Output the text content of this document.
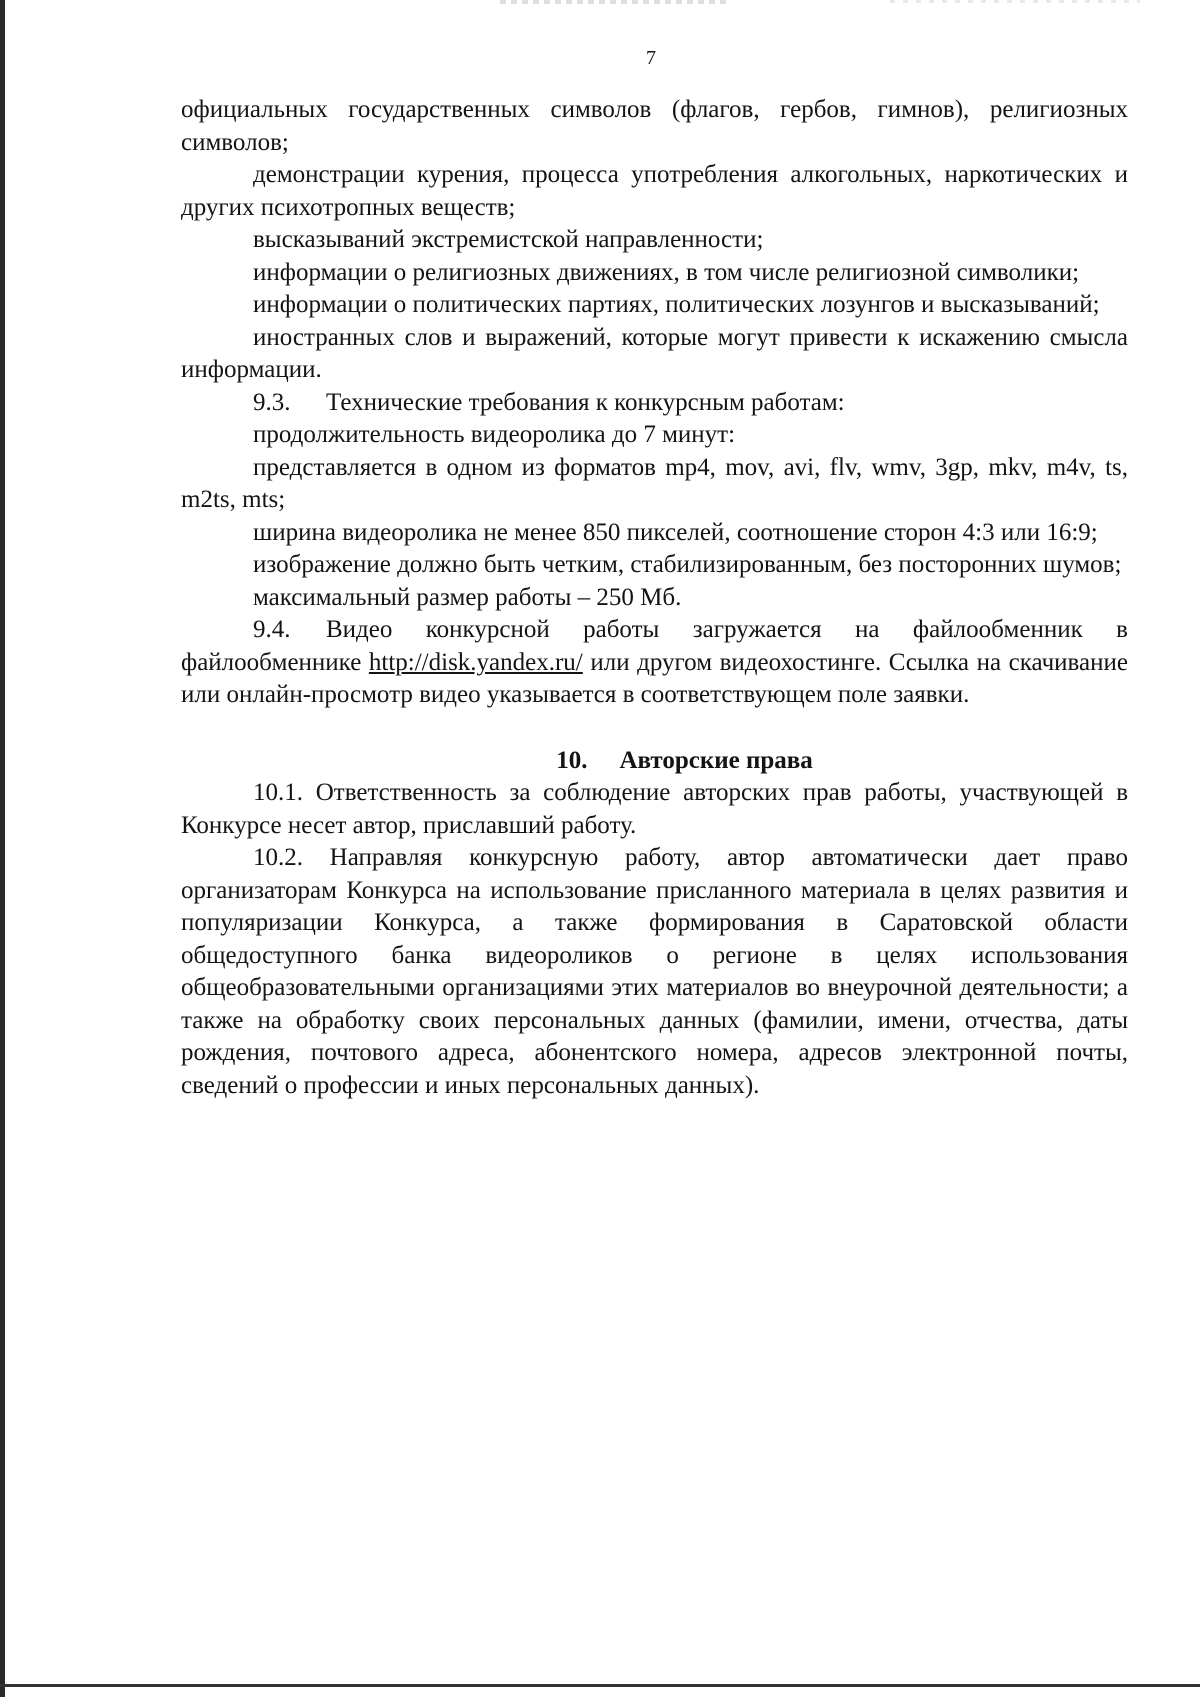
7

официальных государственных символов (флагов, гербов, гимнов), религиозных символов;

демонстрации курения, процесса употребления алкогольных, наркотических и других психотропных веществ;

высказываний экстремистской направленности;

информации о религиозных движениях, в том числе религиозной символики;

информации о политических партиях, политических лозунгов и высказываний;

иностранных слов и выражений, которые могут привести к искажению смысла информации.

9.3. Технические требования к конкурсным работам:

продолжительность видеоролика до 7 минут:

представляется в одном из форматов mp4, mov, avi, flv, wmv, 3gp, mkv, m4v, ts, m2ts, mts;

ширина видеоролика не менее 850 пикселей, соотношение сторон 4:3 или 16:9;

изображение должно быть четким, стабилизированным, без посторонних шумов;

максимальный размер работы – 250 Мб.

9.4. Видео конкурсной работы загружается на файлообменник в файлообменнике http://disk.yandex.ru/ или другом видеохостинге. Ссылка на скачивание или онлайн-просмотр видео указывается в соответствующем поле заявки.

10. Авторские права

10.1. Ответственность за соблюдение авторских прав работы, участвующей в Конкурсе несет автор, приславший работу.

10.2. Направляя конкурсную работу, автор автоматически дает право организаторам Конкурса на использование присланного материала в целях развития и популяризации Конкурса, а также формирования в Саратовской области общедоступного банка видеороликов о регионе в целях использования общеобразовательными организациями этих материалов во внеурочной деятельности; а также на обработку своих персональных данных (фамилии, имени, отчества, даты рождения, почтового адреса, абонентского номера, адресов электронной почты, сведений о профессии и иных персональных данных).
